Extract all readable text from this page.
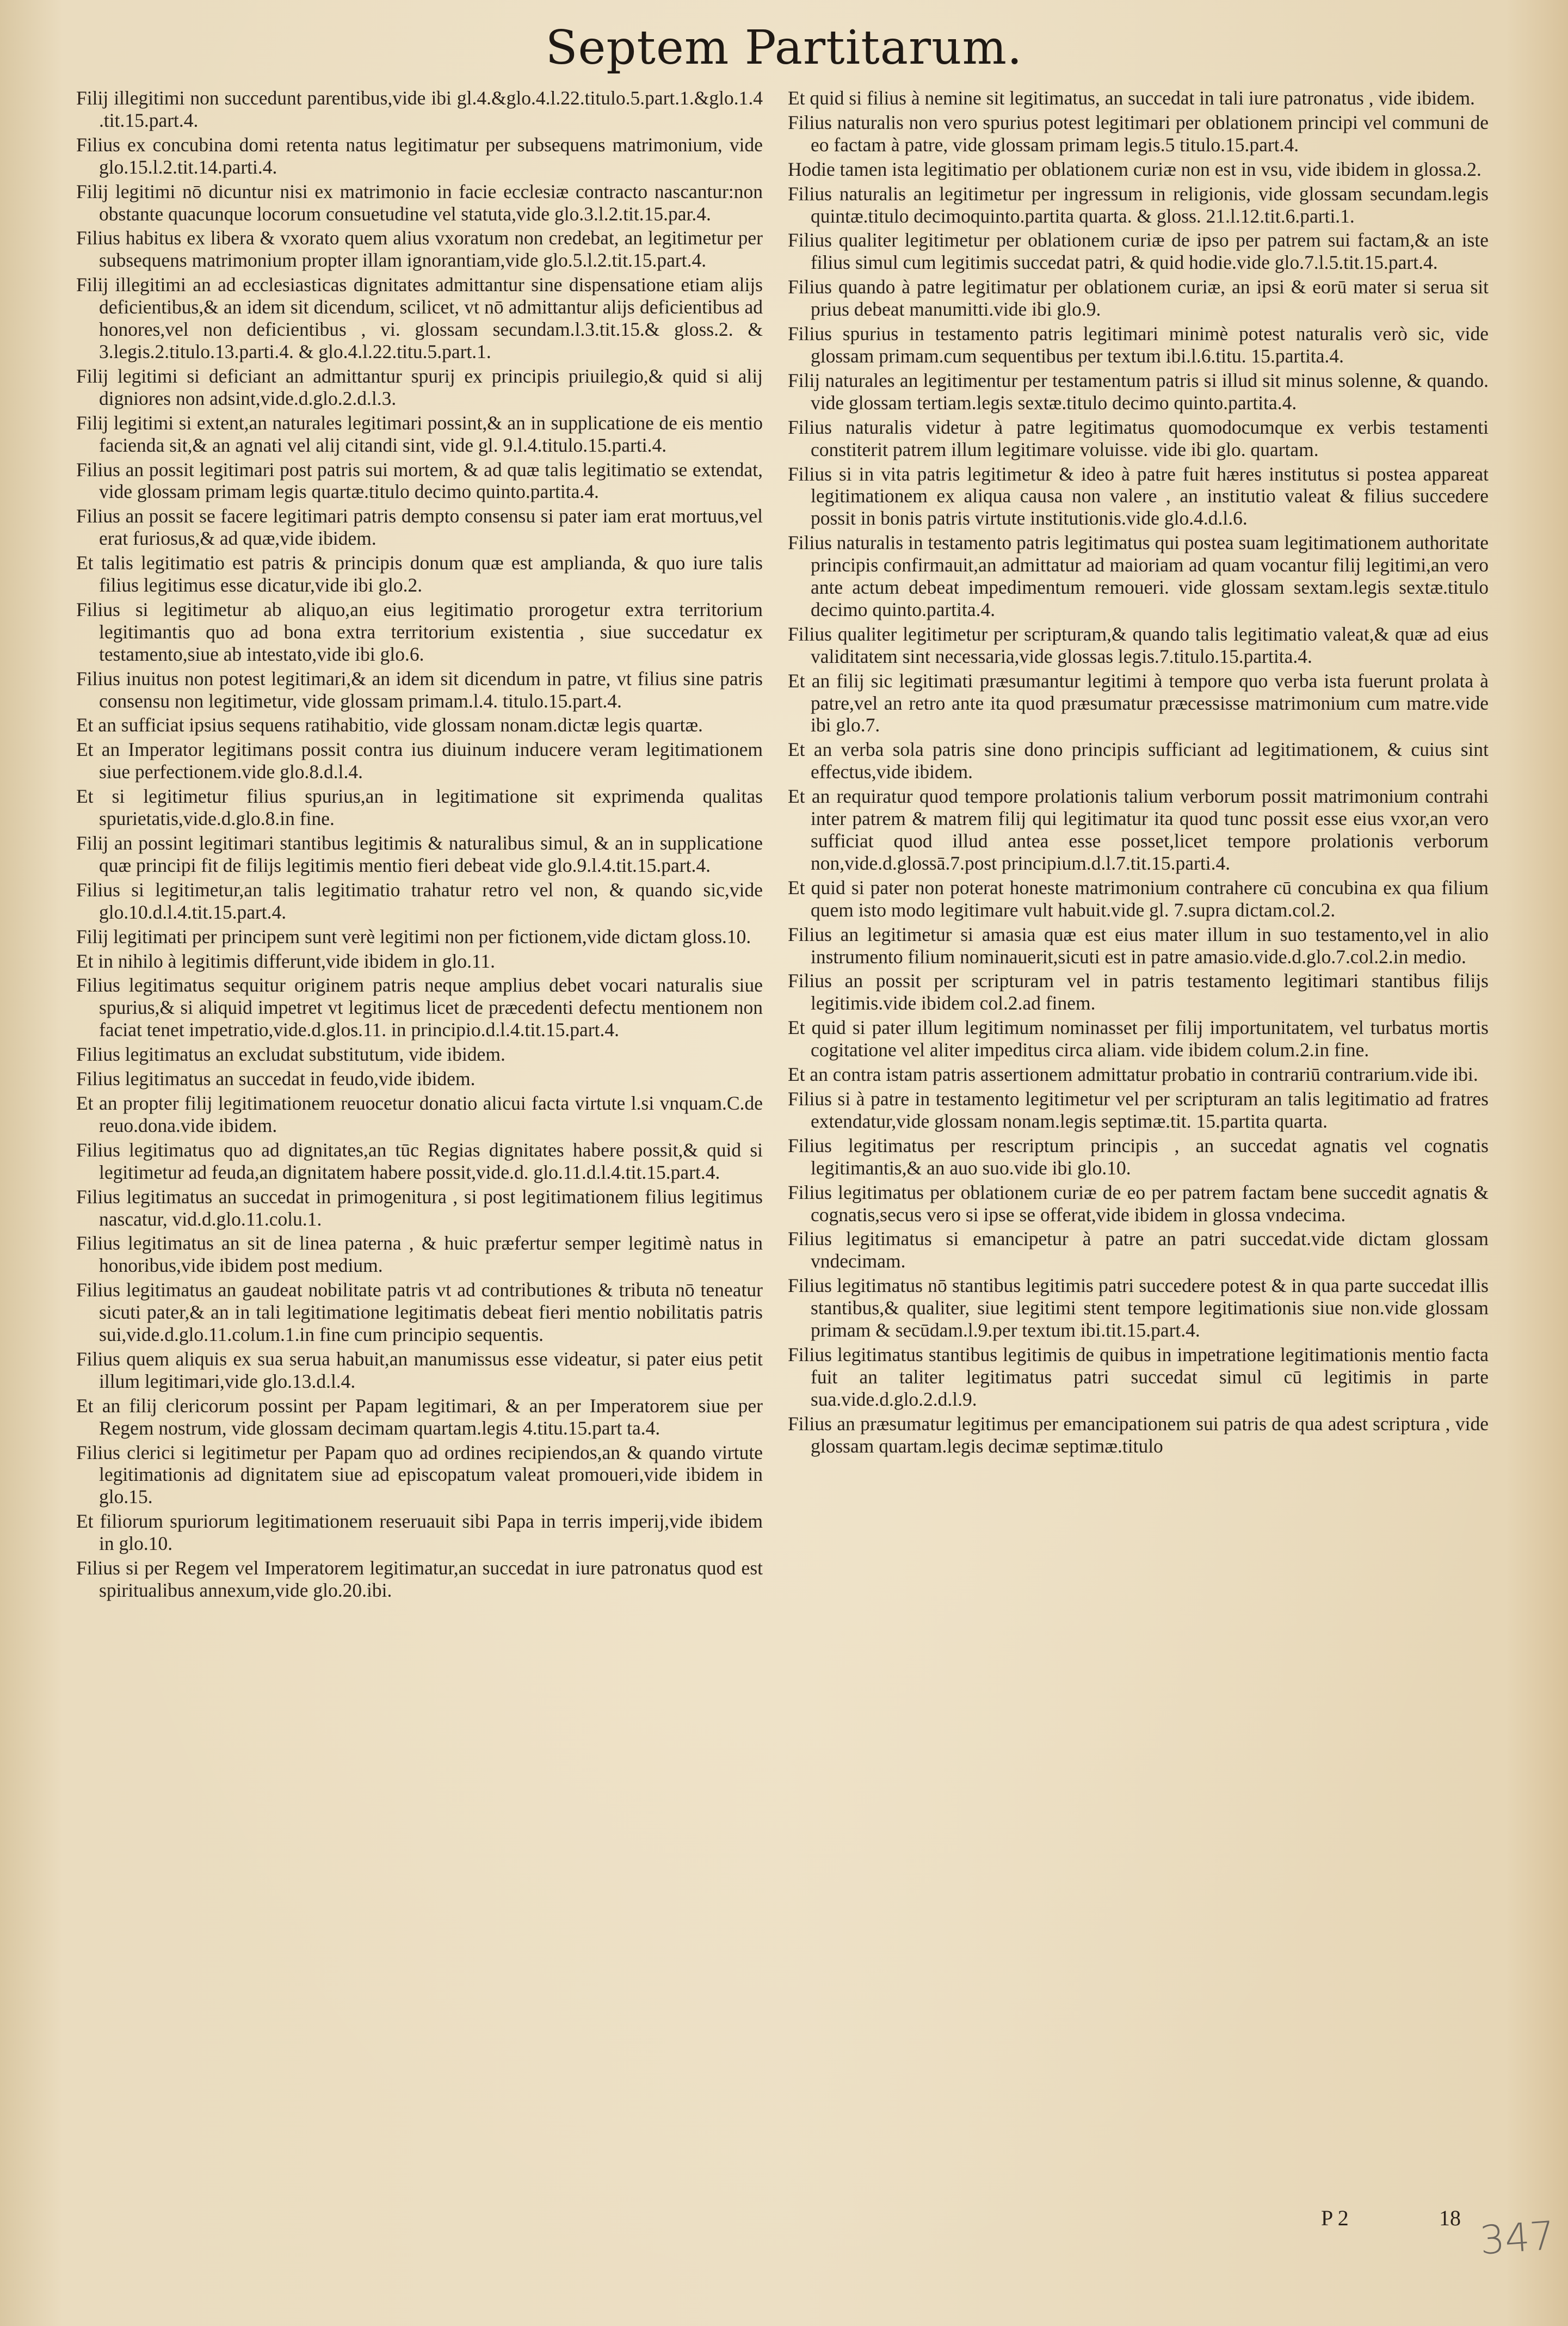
Septem Partitarum.

Filij illegitimi non succedunt parentibus,vide ibi gl.4.&glo.4.l.22.titulo.5.part.1.&glo.1.4 .tit.15.part.4.

Filius ex concubina domi retenta natus legitimatur per subsequens matrimonium, vide glo.15.l.2.tit.14.parti.4.

Filij legitimi nō dicuntur nisi ex matrimonio in facie ecclesiæ contracto nascantur:non obstante quacunque locorum consuetudine vel statuta,vide glo.3.l.2.tit.15.par.4.

Filius habitus ex libera & vxorato quem alius vxoratum non credebat, an legitimetur per subsequens matrimonium propter illam ignorantiam,vide glo.5.l.2.tit.15.part.4.

Filij illegitimi an ad ecclesiasticas dignitates admittantur sine dispensatione etiam alijs deficientibus,& an idem sit dicendum, scilicet, vt nō admittantur alijs deficientibus ad honores,vel non deficientibus , vi. glossam secundam.l.3.tit.15.& gloss.2. & 3.legis.2.titulo.13.parti.4. & glo.4.l.22.titu.5.part.1.

Filij legitimi si deficiant an admittantur spurij ex principis priuilegio,& quid si alij digniores non adsint,vide.d.glo.2.d.l.3.

Filij legitimi si extent,an naturales legitimari possint,& an in supplicatione de eis mentio facienda sit,& an agnati vel alij citandi sint, vide gl. 9.l.4.titulo.15.parti.4.

Filius an possit legitimari post patris sui mortem, & ad quæ talis legitimatio se extendat, vide glossam primam legis quartæ.titulo decimo quinto.partita.4.

Filius an possit se facere legitimari patris dempto consensu si pater iam erat mortuus,vel erat furiosus,& ad quæ,vide ibidem.

Et talis legitimatio est patris & principis donum quæ est amplianda, & quo iure talis filius legitimus esse dicatur,vide ibi glo.2.

Filius si legitimetur ab aliquo,an eius legitimatio prorogetur extra territorium legitimantis quo ad bona extra territorium existentia , siue succedatur ex testamento,siue ab intestato,vide ibi glo.6.

Filius inuitus non potest legitimari,& an idem sit dicendum in patre, vt filius sine patris consensu non legitimetur, vide glossam primam.l.4. titulo.15.part.4.

Et an sufficiat ipsius sequens ratihabitio, vide glossam nonam.dictæ legis quartæ.

Et an Imperator legitimans possit contra ius diuinum inducere veram legitimationem siue perfectionem.vide glo.8.d.l.4.

Et si legitimetur filius spurius,an in legitimatione sit exprimenda qualitas spurietatis,vide.d.glo.8.in fine.

Filij an possint legitimari stantibus legitimis & naturalibus simul, & an in supplicatione quæ principi fit de filijs legitimis mentio fieri debeat vide glo.9.l.4.tit.15.part.4.

Filius si legitimetur,an talis legitimatio trahatur retro vel non, & quando sic,vide glo.10.d.l.4.tit.15.part.4.

Filij legitimati per principem sunt verè legitimi non per fictionem,vide dictam gloss.10.

Et in nihilo à legitimis differunt,vide ibidem in glo.11.

Filius legitimatus sequitur originem patris neque amplius debet vocari naturalis siue spurius,& si aliquid impetret vt legitimus licet de præcedenti defectu mentionem non faciat tenet impetratio,vide.d.glos.11. in principio.d.l.4.tit.15.part.4.

Filius legitimatus an excludat substitutum, vide ibidem.

Filius legitimatus an succedat in feudo,vide ibidem.

Et an propter filij legitimationem reuocetur donatio alicui facta virtute l.si vnquam.C.de reuo.dona.vide ibidem.

Filius legitimatus quo ad dignitates,an tūc Regias dignitates habere possit,& quid si legitimetur ad feuda,an dignitatem habere possit,vide.d. glo.11.d.l.4.tit.15.part.4.

Filius legitimatus an succedat in primogenitura , si post legitimationem filius legitimus nascatur, vid.d.glo.11.colu.1.

Filius legitimatus an sit de linea paterna , & huic præfertur semper legitimè natus in honoribus,vide ibidem post medium.

Filius legitimatus an gaudeat nobilitate patris vt ad contributiones & tributa nō teneatur sicuti pater,& an in tali legitimatione legitimatis debeat fieri mentio nobilitatis patris sui,vide.d.glo.11.colum.1.in fine cum principio sequentis.

Filius quem aliquis ex sua serua habuit,an manumissus esse videatur, si pater eius petit illum legitimari,vide glo.13.d.l.4.

Et an filij clericorum possint per Papam legitimari, & an per Imperatorem siue per Regem nostrum, vide glossam decimam quartam.legis 4.titu.15.part ta.4.

Filius clerici si legitimetur per Papam quo ad ordines recipiendos,an & quando virtute legitimationis ad dignitatem siue ad episcopatum valeat promoueri,vide ibidem in glo.15.

Et filiorum spuriorum legitimationem reseruauit sibi Papa in terris imperij,vide ibidem in glo.10.

Filius si per Regem vel Imperatorem legitimatur,an succedat in iure patronatus quod est spiritualibus annexum,vide glo.20.ibi.

Et quid si filius à nemine sit legitimatus, an succedat in tali iure patronatus , vide ibidem.

Filius naturalis non vero spurius potest legitimari per oblationem principi vel communi de eo factam à patre, vide glossam primam legis.5 titulo.15.part.4.

Hodie tamen ista legitimatio per oblationem curiæ non est in vsu, vide ibidem in glossa.2.

Filius naturalis an legitimetur per ingressum in religionis, vide glossam secundam.legis quintæ.titulo decimoquinto.partita quarta. & gloss. 21.l.12.tit.6.parti.1.

Filius qualiter legitimetur per oblationem curiæ de ipso per patrem sui factam,& an iste filius simul cum legitimis succedat patri, & quid hodie.vide glo.7.l.5.tit.15.part.4.

Filius quando à patre legitimatur per oblationem curiæ, an ipsi & eorū mater si serua sit prius debeat manumitti.vide ibi glo.9.

Filius spurius in testamento patris legitimari minimè potest naturalis verò sic, vide glossam primam.cum sequentibus per textum ibi.l.6.titu. 15.partita.4.

Filij naturales an legitimentur per testamentum patris si illud sit minus solenne, & quando. vide glossam tertiam.legis sextæ.titulo decimo quinto.partita.4.

Filius naturalis videtur à patre legitimatus quomodocumque ex verbis testamenti constiterit patrem illum legitimare voluisse. vide ibi glo. quartam.

Filius si in vita patris legitimetur & ideo à patre fuit hæres institutus si postea appareat legitimationem ex aliqua causa non valere , an institutio valeat & filius succedere possit in bonis patris virtute institutionis.vide glo.4.d.l.6.

Filius naturalis in testamento patris legitimatus qui postea suam legitimationem authoritate principis confirmauit,an admittatur ad maioriam ad quam vocantur filij legitimi,an vero ante actum debeat impedimentum remoueri. vide glossam sextam.legis sextæ.titulo decimo quinto.partita.4.

Filius qualiter legitimetur per scripturam,& quando talis legitimatio valeat,& quæ ad eius validitatem sint necessaria,vide glossas legis.7.titulo.15.partita.4.

Et an filij sic legitimati præsumantur legitimi à tempore quo verba ista fuerunt prolata à patre,vel an retro ante ita quod præsumatur præcessisse matrimonium cum matre.vide ibi glo.7.

Et an verba sola patris sine dono principis sufficiant ad legitimationem, & cuius sint effectus,vide ibidem.

Et an requiratur quod tempore prolationis talium verborum possit matrimonium contrahi inter patrem & matrem filij qui legitimatur ita quod tunc possit esse eius vxor,an vero sufficiat quod illud antea esse posset,licet tempore prolationis verborum non,vide.d.glossā.7.post principium.d.l.7.tit.15.parti.4.

Et quid si pater non poterat honeste matrimonium contrahere cū concubina ex qua filium quem isto modo legitimare vult habuit.vide gl. 7.supra dictam.col.2.

Filius an legitimetur si amasia quæ est eius mater illum in suo testamento,vel in alio instrumento filium nominauerit,sicuti est in patre amasio.vide.d.glo.7.col.2.in medio.

Filius an possit per scripturam vel in patris testamento legitimari stantibus filijs legitimis.vide ibidem col.2.ad finem.

Et quid si pater illum legitimum nominasset per filij importunitatem, vel turbatus mortis cogitatione vel aliter impeditus circa aliam. vide ibidem colum.2.in fine.

Et an contra istam patris assertionem admittatur probatio in contrariū contrarium.vide ibi.

Filius si à patre in testamento legitimetur vel per scripturam an talis legitimatio ad fratres extendatur,vide glossam nonam.legis septimæ.tit. 15.partita quarta.

Filius legitimatus per rescriptum principis , an succedat agnatis vel cognatis legitimantis,& an auo suo.vide ibi glo.10.

Filius legitimatus per oblationem curiæ de eo per patrem factam bene succedit agnatis & cognatis,secus vero si ipse se offerat,vide ibidem in glossa vndecima.

Filius legitimatus si emancipetur à patre an patri succedat.vide dictam glossam vndecimam.

Filius legitimatus nō stantibus legitimis patri succedere potest & in qua parte succedat illis stantibus,& qualiter, siue legitimi stent tempore legitimationis siue non.vide glossam primam & secūdam.l.9.per textum ibi.tit.15.part.4.

Filius legitimatus stantibus legitimis de quibus in impetratione legitimationis mentio facta fuit an taliter legitimatus patri succedat simul cū legitimis in parte sua.vide.d.glo.2.d.l.9.

Filius an præsumatur legitimus per emancipationem sui patris de qua adest scriptura , vide glossam quartam.legis decimæ septimæ.titulo

P 2	18 347
